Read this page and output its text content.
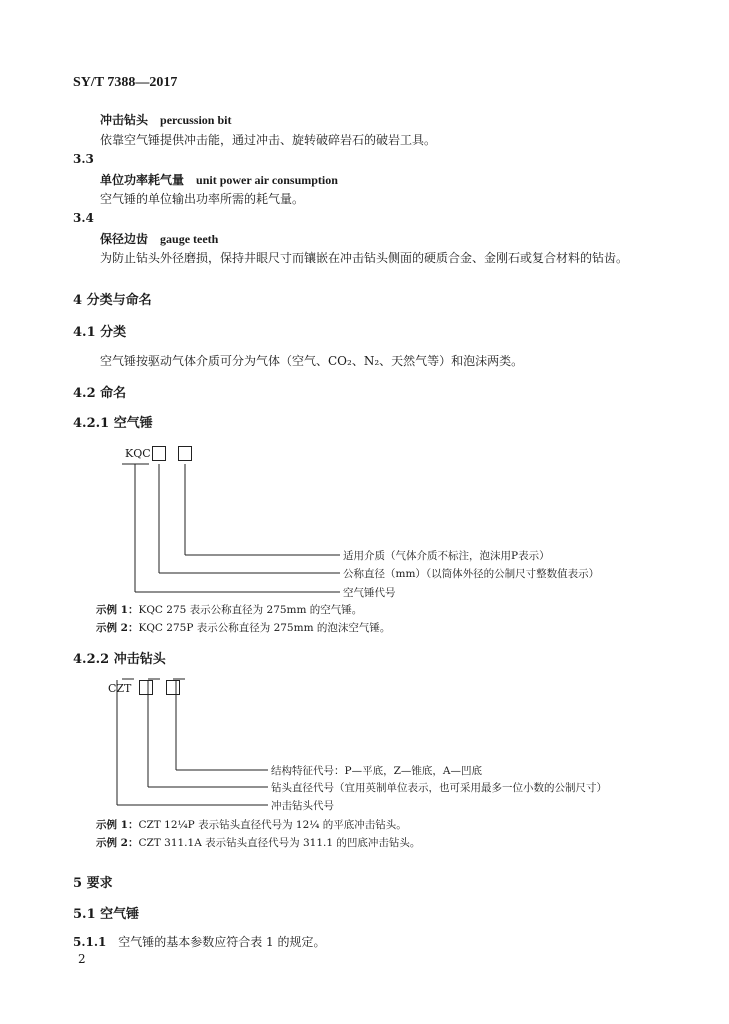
SY/T 7388—2017
冲击钻头 percussion bit
依靠空气锤提供冲击能，通过冲击、旋转破碎岩石的破岩工具。
3.3
单位功率耗气量 unit power air consumption
空气锤的单位输出功率所需的耗气量。
3.4
保径边齿 gauge teeth
为防止钻头外径磨损，保持井眼尺寸而镶嵌在冲击钻头侧面的硬质合金、金刚石或复合材料的钻齿。
4 分类与命名
4.1 分类
空气锤按驱动气体介质可分为气体（空气、CO₂、N₂、天然气等）和泡沫两类。
4.2 命名
4.2.1 空气锤
KQC
适用介质（气体介质不标注，泡沫用P表示）
公称直径（mm）（以筒体外径的公制尺寸整数值表示）
空气锤代号
示例 1：KQC 275 表示公称直径为 275mm 的空气锤。
示例 2：KQC 275P 表示公称直径为 275mm 的泡沫空气锤。
4.2.2 冲击钻头
CZT
结构特征代号：P—平底，Z—锥底，A—凹底
钻头直径代号（宜用英制单位表示，也可采用最多一位小数的公制尺寸）
冲击钻头代号
示例 1：CZT 12¼P 表示钻头直径代号为 12¼ 的平底冲击钻头。
示例 2：CZT 311.1A 表示钻头直径代号为 311.1 的凹底冲击钻头。
5 要求
5.1 空气锤
5.1.1 空气锤的基本参数应符合表 1 的规定。
2
